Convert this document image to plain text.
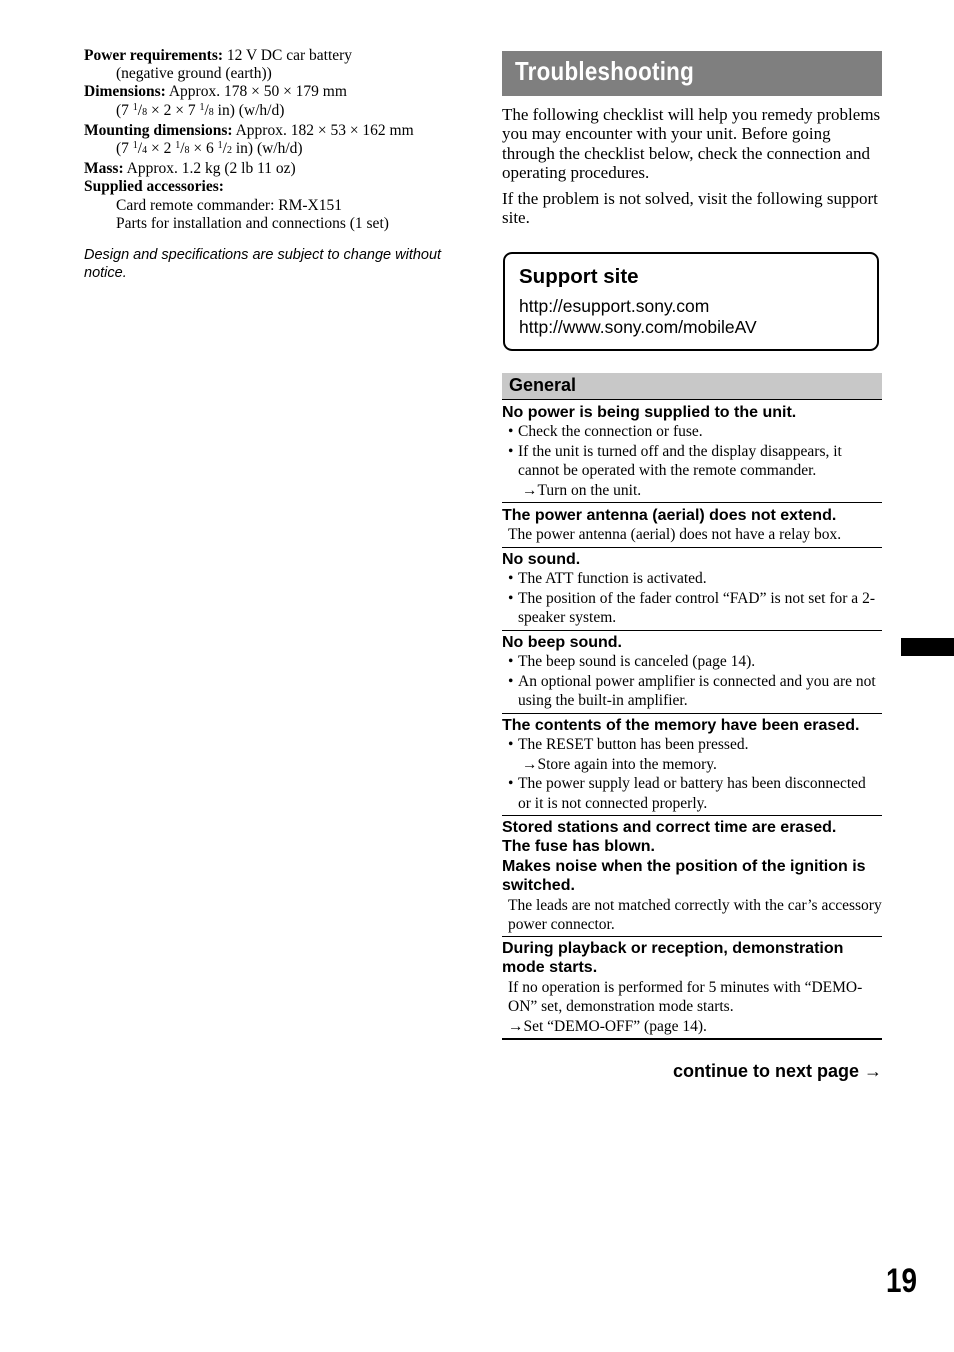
Power requirements: 12 V DC car battery

(negative ground (earth))

Dimensions: Approx. 178 × 50 × 179 mm

(7 $^1$/8 × 2 × 7 $^1$/8 in) (w/h/d)

Mounting dimensions: Approx. 182 × 53 × 162 mm

(7 $^1$/4 × 2 $^1$/8 × 6 $^1$/2 in) (w/h/d)

Mass: Approx. 1.2 kg (2 lb 11 oz)

Supplied accessories:

Card remote commander: RM-X151

Parts for installation and connections (1 set)

Design and specifications are subject to change without notice.
Troubleshooting

The following checklist will help you remedy problems you may encounter with your unit. Before going through the checklist below, check the connection and operating procedures.

If the problem is not solved, visit the following support site.

Support site
http://esupport.sony.com
http://www.sony.com/mobileAV
General

No power is being supplied to the unit.

• Check the connection or fuse.

• If the unit is turned off and the display disappears, it cannot be operated with the remote commander.

→Turn on the unit.

The power antenna (aerial) does not extend.

The power antenna (aerial) does not have a relay box.

No sound.

• The ATT function is activated.

• The position of the fader control “FAD” is not set for a 2-speaker system.

No beep sound.

• The beep sound is canceled (page 14).

• An optional power amplifier is connected and you are not using the built-in amplifier.

The contents of the memory have been erased.

• The RESET button has been pressed.

→Store again into the memory.

• The power supply lead or battery has been disconnected or it is not connected properly.

Stored stations and correct time are erased.

The fuse has blown.

Makes noise when the position of the ignition is switched.

The leads are not matched correctly with the car’s accessory power connector.

During playback or reception, demonstration mode starts.

If no operation is performed for 5 minutes with “DEMO-ON” set, demonstration mode starts.

→Set “DEMO-OFF” (page 14).

continue to next page →
19
